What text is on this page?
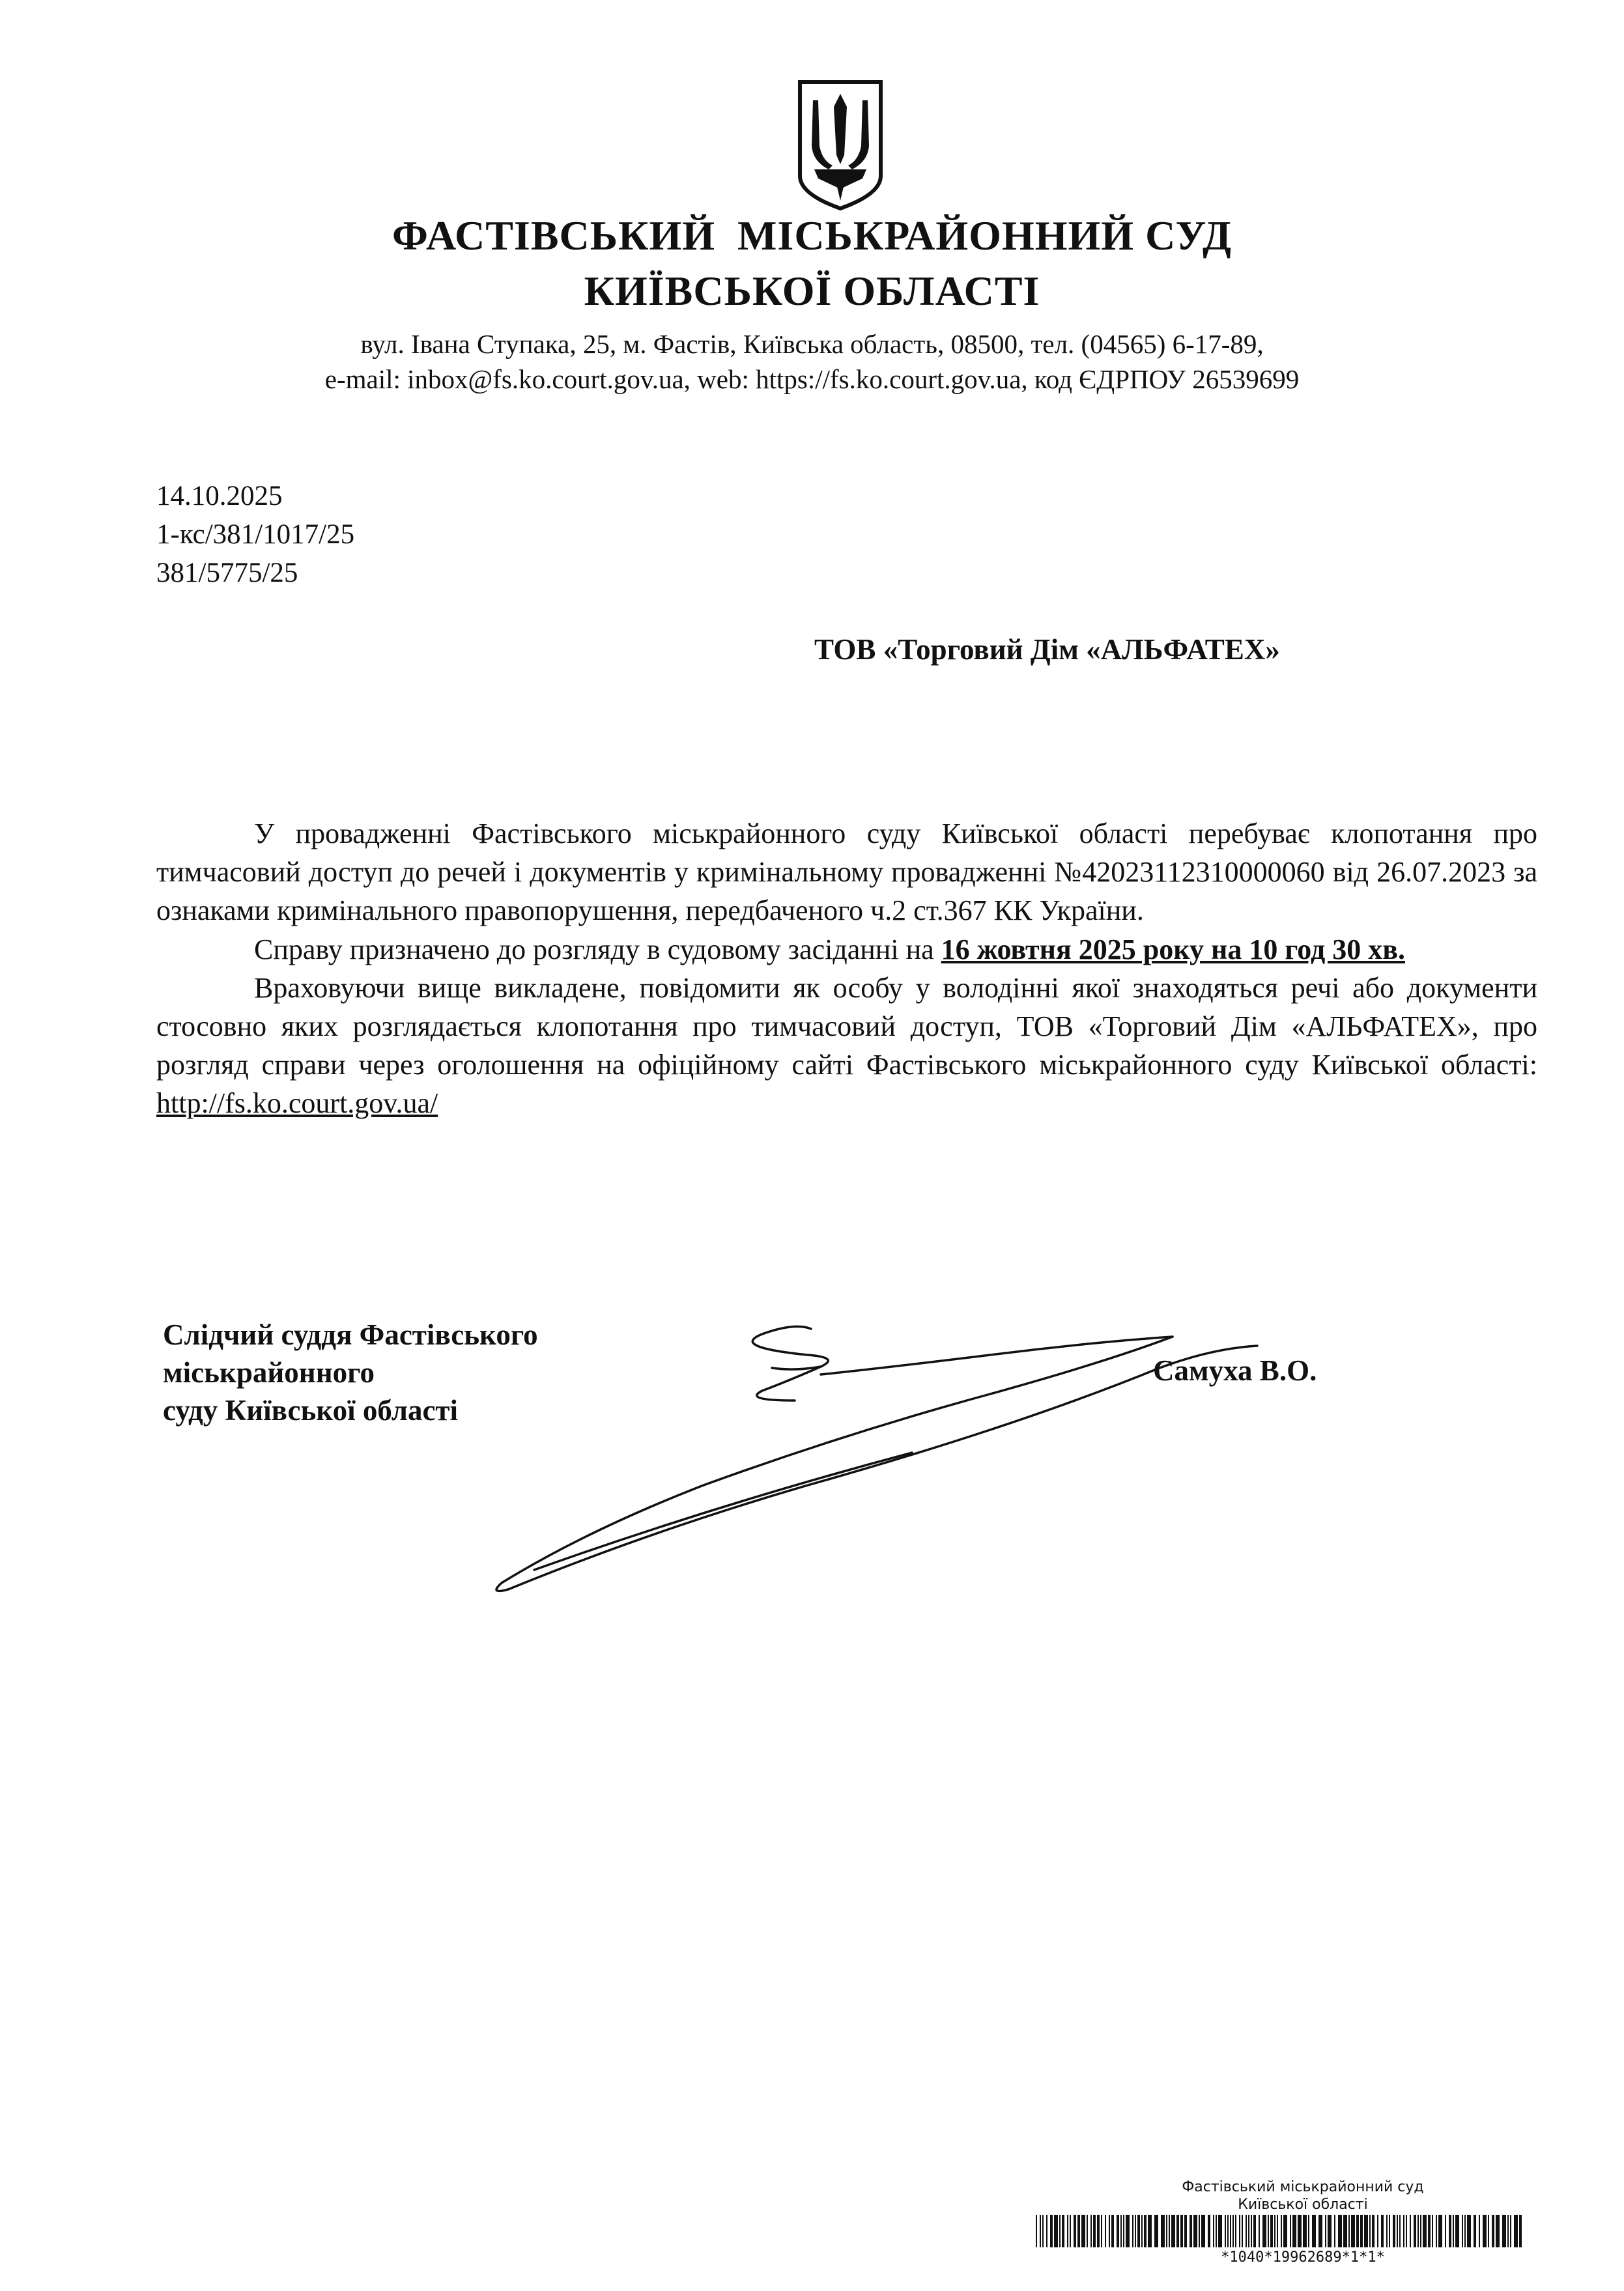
ФАСТІВСЬКИЙ  МІСЬКРАЙОННИЙ СУД
КИЇВСЬКОЇ ОБЛАСТІ
вул. Івана Ступака, 25, м. Фастів, Київська область, 08500, тел. (04565) 6-17-89,
e-mail: inbox@fs.ko.court.gov.ua, web: https://fs.ko.court.gov.ua, код ЄДРПОУ 26539699
14.10.2025
1-кс/381/1017/25
381/5775/25
ТОВ «Торговий Дім «АЛЬФАТЕХ»

У провадженні Фастівського міськрайонного суду Київської області перебуває клопотання про тимчасовий доступ до речей і документів у кримінальному провадженні №42023112310000060 від 26.07.2023 за ознаками кримінального правопорушення, передбаченого ч.2 ст.367 КК України.

Справу призначено до розгляду в судовому засіданні на 16 жовтня 2025 року на 10 год 30 хв.

Враховуючи вище викладене, повідомити як особу у володінні якої знаходяться речі або документи стосовно яких розглядається клопотання про тимчасовий доступ, ТОВ «Торговий Дім «АЛЬФАТЕХ», про розгляд справи через оголошення на офіційному сайті Фастівського міськрайонного суду Київської області: http://fs.ko.court.gov.ua/

Слідчий суддя Фастівського
міськрайонного
суду Київської області
Самуха В.О.
Фастівський міськрайонний суд
Київської області
*1040*19962689*1*1*
